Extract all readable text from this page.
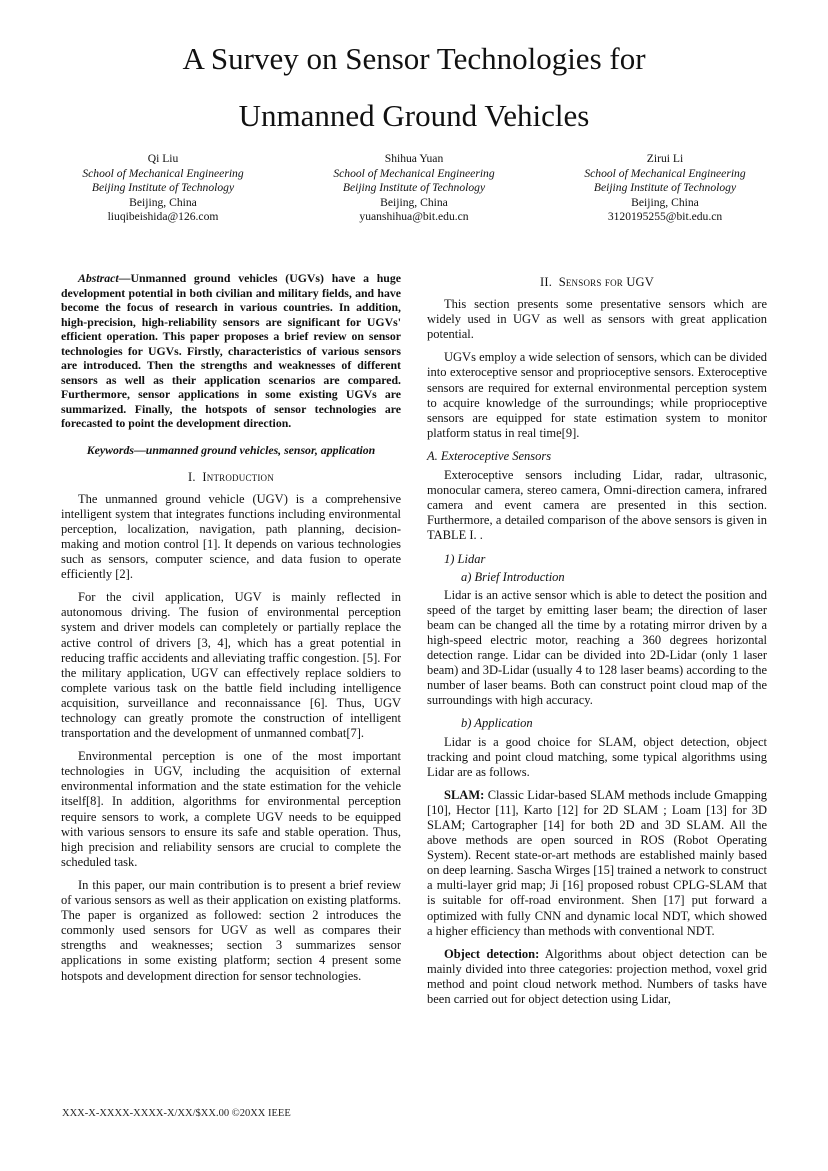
A Survey on Sensor Technologies for
Unmanned Ground Vehicles
Qi Liu
School of Mechanical Engineering
Beijing Institute of Technology
Beijing, China
liuqibeishida@126.com
Shihua Yuan
School of Mechanical Engineering
Beijing Institute of Technology
Beijing, China
yuanshihua@bit.edu.cn
Zirui Li
School of Mechanical Engineering
Beijing Institute of Technology
Beijing, China
3120195255@bit.edu.cn

Abstract—Unmanned ground vehicles (UGVs) have a huge development potential in both civilian and military fields, and have become the focus of research in various countries. In addition, high-precision, high-reliability sensors are significant for UGVs' efficient operation. This paper proposes a brief review on sensor technologies for UGVs. Firstly, characteristics of various sensors are introduced. Then the strengths and weaknesses of different sensors as well as their application scenarios are compared. Furthermore, sensor applications in some existing UGVs are summarized. Finally, the hotspots of sensor technologies are forecasted to point the development direction.

Keywords—unmanned ground vehicles, sensor, application

I. Introduction

The unmanned ground vehicle (UGV) is a comprehensive intelligent system that integrates functions including environmental perception, localization, navigation, path planning, decision-making and motion control [1]. It depends on various technologies such as sensors, computer science, and data fusion to operate efficiently [2].

For the civil application, UGV is mainly reflected in autonomous driving. The fusion of environmental perception system and driver models can completely or partially replace the active control of drivers [3, 4], which has a great potential in reducing traffic accidents and alleviating traffic congestion. [5]. For the military application, UGV can effectively replace soldiers to complete various task on the battle field including intelligence acquisition, surveillance and reconnaissance [6]. Thus, UGV technology can greatly promote the construction of intelligent transportation and the development of unmanned combat[7].

Environmental perception is one of the most important technologies in UGV, including the acquisition of external environmental information and the state estimation for the vehicle itself[8]. In addition, algorithms for environmental perception require sensors to work, a complete UGV needs to be equipped with various sensors to ensure its safe and stable operation. Thus, high precision and reliability sensors are crucial to complete the scheduled task.

In this paper, our main contribution is to present a brief review of various sensors as well as their application on existing platforms. The paper is organized as followed: section 2 introduces the commonly used sensors for UGV as well as compares their strengths and weaknesses; section 3 summarizes sensor applications in some existing platform; section 4 present some hotspots and development direction for sensor technologies.

II. Sensors for UGV

This section presents some presentative sensors which are widely used in UGV as well as sensors with great application potential.

UGVs employ a wide selection of sensors, which can be divided into exteroceptive sensor and proprioceptive sensors. Exteroceptive sensors are required for external environmental perception system to acquire knowledge of the surroundings; while proprioceptive sensors are equipped for state estimation system to monitor platform status in real time[9].

A. Exteroceptive Sensors

Exteroceptive sensors including Lidar, radar, ultrasonic, monocular camera, stereo camera, Omni-direction camera, infrared camera and event camera are presented in this section. Furthermore, a detailed comparison of the above sensors is given in TABLE I. .

1) Lidar

a) Brief Introduction

Lidar is an active sensor which is able to detect the position and speed of the target by emitting laser beam; the direction of laser beam can be changed all the time by a rotating mirror driven by a high-speed electric motor, reaching a 360 degrees horizontal detection range. Lidar can be divided into 2D-Lidar (only 1 laser beam) and 3D-Lidar (usually 4 to 128 laser beams) according to the number of laser beams. Both can construct point cloud map of the surroundings with high accuracy.

b) Application

Lidar is a good choice for SLAM, object detection, object tracking and point cloud matching, some typical algorithms using Lidar are as follows.

SLAM: Classic Lidar-based SLAM methods include Gmapping [10], Hector [11], Karto [12] for 2D SLAM ; Loam [13] for 3D SLAM; Cartographer [14] for both 2D and 3D SLAM. All the above methods are open sourced in ROS (Robot Operating System). Recent state-or-art methods are established mainly based on deep learning. Sascha Wirges [15] trained a network to construct a multi-layer grid map; Ji [16] proposed robust CPLG-SLAM that is suitable for off-road environment. Shen [17] put forward a optimized with fully CNN and dynamic local NDT, which showed a higher efficiency than methods with conventional NDT.

Object detection: Algorithms about object detection can be mainly divided into three categories: projection method, voxel grid method and point cloud network method. Numbers of tasks have been carried out for object detection using Lidar,

XXX-X-XXXX-XXXX-X/XX/$XX.00 ©20XX IEEE
